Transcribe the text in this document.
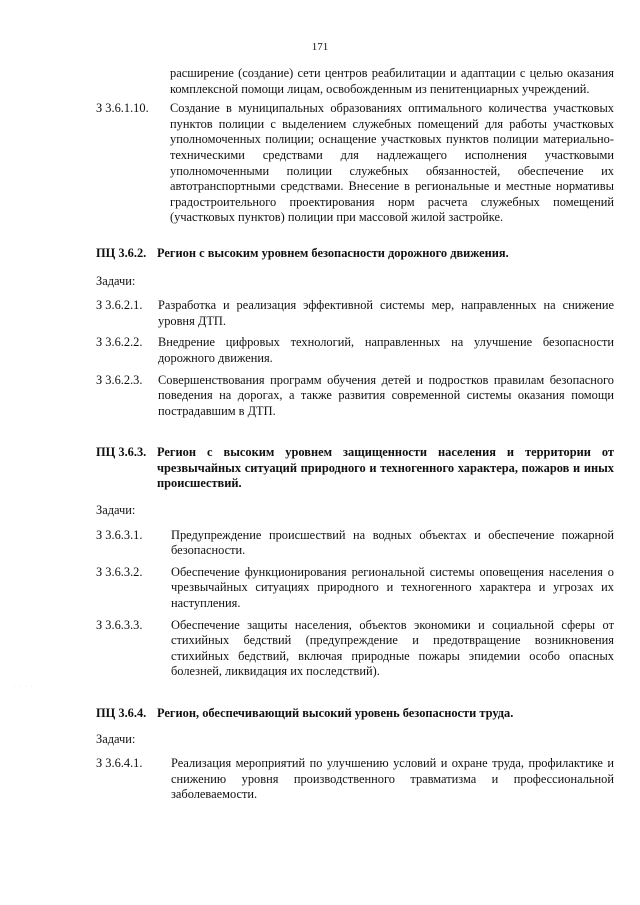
171
расширение (создание) сети центров реабилитации и адаптации с целью оказания комплексной помощи лицам, освобожденным из пенитенциарных учреждений.
З 3.6.1.10.	Создание в муниципальных образованиях оптимального количества участковых пунктов полиции с выделением служебных помещений для работы участковых уполномоченных полиции; оснащение участковых пунктов полиции материально-техническими средствами для надлежащего исполнения участковыми уполномоченными полиции служебных обязанностей, обеспечение их автотранспортными средствами. Внесение в региональные и местные нормативы градостроительного проектирования норм расчета служебных помещений (участковых пунктов) полиции при массовой жилой застройке.
ПЦ 3.6.2. Регион с высоким уровнем безопасности дорожного движения.
Задачи:
З 3.6.2.1.	Разработка и реализация эффективной системы мер, направленных на снижение уровня ДТП.
З 3.6.2.2.	Внедрение цифровых технологий, направленных на улучшение безопасности дорожного движения.
З 3.6.2.3.	Совершенствования программ обучения детей и подростков правилам безопасного поведения на дорогах, а также развития современной системы оказания помощи пострадавшим в ДТП.
ПЦ 3.6.3. Регион с высоким уровнем защищенности населения и территории от чрезвычайных ситуаций природного и техногенного характера, пожаров и иных происшествий.
Задачи:
З 3.6.3.1.	Предупреждение происшествий на водных объектах и обеспечение пожарной безопасности.
З 3.6.3.2.	Обеспечение функционирования региональной системы оповещения населения о чрезвычайных ситуациях природного и техногенного характера и угрозах их наступления.
З 3.6.3.3.	Обеспечение защиты населения, объектов экономики и социальной сферы от стихийных бедствий (предупреждение и предотвращение возникновения стихийных бедствий, включая природные пожары эпидемии особо опасных болезней, ликвидация их последствий).
ПЦ 3.6.4. Регион, обеспечивающий высокий уровень безопасности труда.
Задачи:
З 3.6.4.1.	Реализация мероприятий по улучшению условий и охране труда, профилактике и снижению уровня производственного травматизма и профессиональной заболеваемости.
· · · ·
